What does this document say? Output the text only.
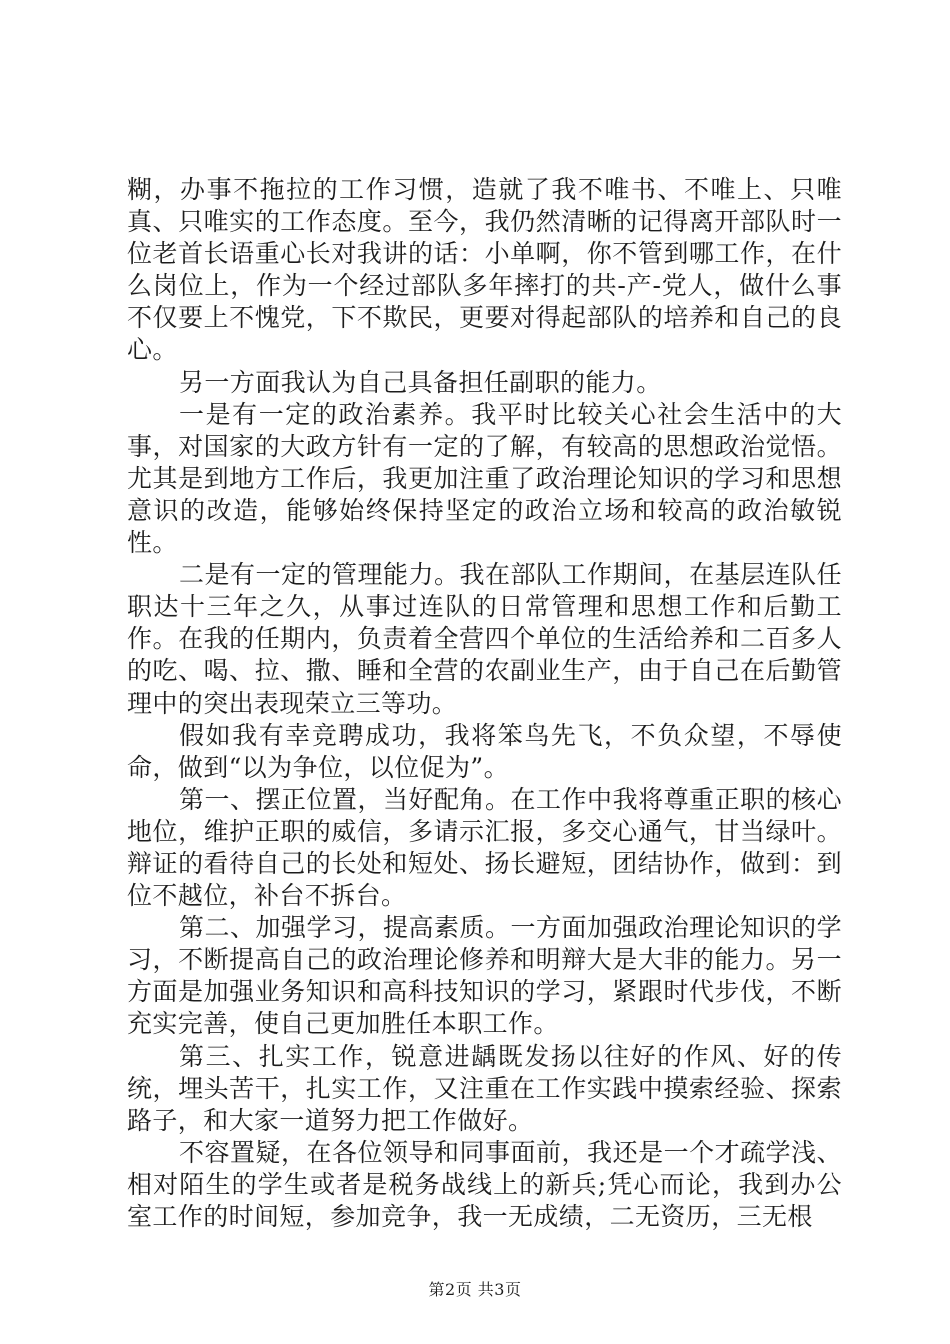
糊，办事不拖拉的工作习惯，造就了我不唯书、不唯上、只唯真、只唯实的工作态度。至今，我仍然清晰的记得离开部队时一位老首长语重心长对我讲的话：小单啊，你不管到哪工作，在什么岗位上，作为一个经过部队多年摔打的共-产-党人，做什么事不仅要上不愧党，下不欺民，更要对得起部队的培养和自己的良心。

另一方面我认为自己具备担任副职的能力。

一是有一定的政治素养。我平时比较关心社会生活中的大事，对国家的大政方针有一定的了解，有较高的思想政治觉悟。尤其是到地方工作后，我更加注重了政治理论知识的学习和思想意识的改造，能够始终保持坚定的政治立场和较高的政治敏锐性。

二是有一定的管理能力。我在部队工作期间，在基层连队任职达十三年之久，从事过连队的日常管理和思想工作和后勤工作。在我的任期内，负责着全营四个单位的生活给养和二百多人的吃、喝、拉、撒、睡和全营的农副业生产，由于自己在后勤管理中的突出表现荣立三等功。

假如我有幸竞聘成功，我将笨鸟先飞，不负众望，不辱使命，做到“以为争位，以位促为”。

第一、摆正位置，当好配角。在工作中我将尊重正职的核心地位，维护正职的威信，多请示汇报，多交心通气，甘当绿叶。辩证的看待自己的长处和短处、扬长避短，团结协作，做到：到位不越位，补台不拆台。

第二、加强学习，提高素质。一方面加强政治理论知识的学习，不断提高自己的政治理论修养和明辩大是大非的能力。另一方面是加强业务知识和高科技知识的学习，紧跟时代步伐，不断充实完善，使自己更加胜任本职工作。

第三、扎实工作，锐意进龋既发扬以往好的作风、好的传统，埋头苦干，扎实工作，又注重在工作实践中摸索经验、探索路子，和大家一道努力把工作做好。

不容置疑，在各位领导和同事面前，我还是一个才疏学浅、相对陌生的学生或者是税务战线上的新兵;凭心而论，我到办公室工作的时间短，参加竞争，我一无成绩，二无资历，三无根

第2页 共3页
